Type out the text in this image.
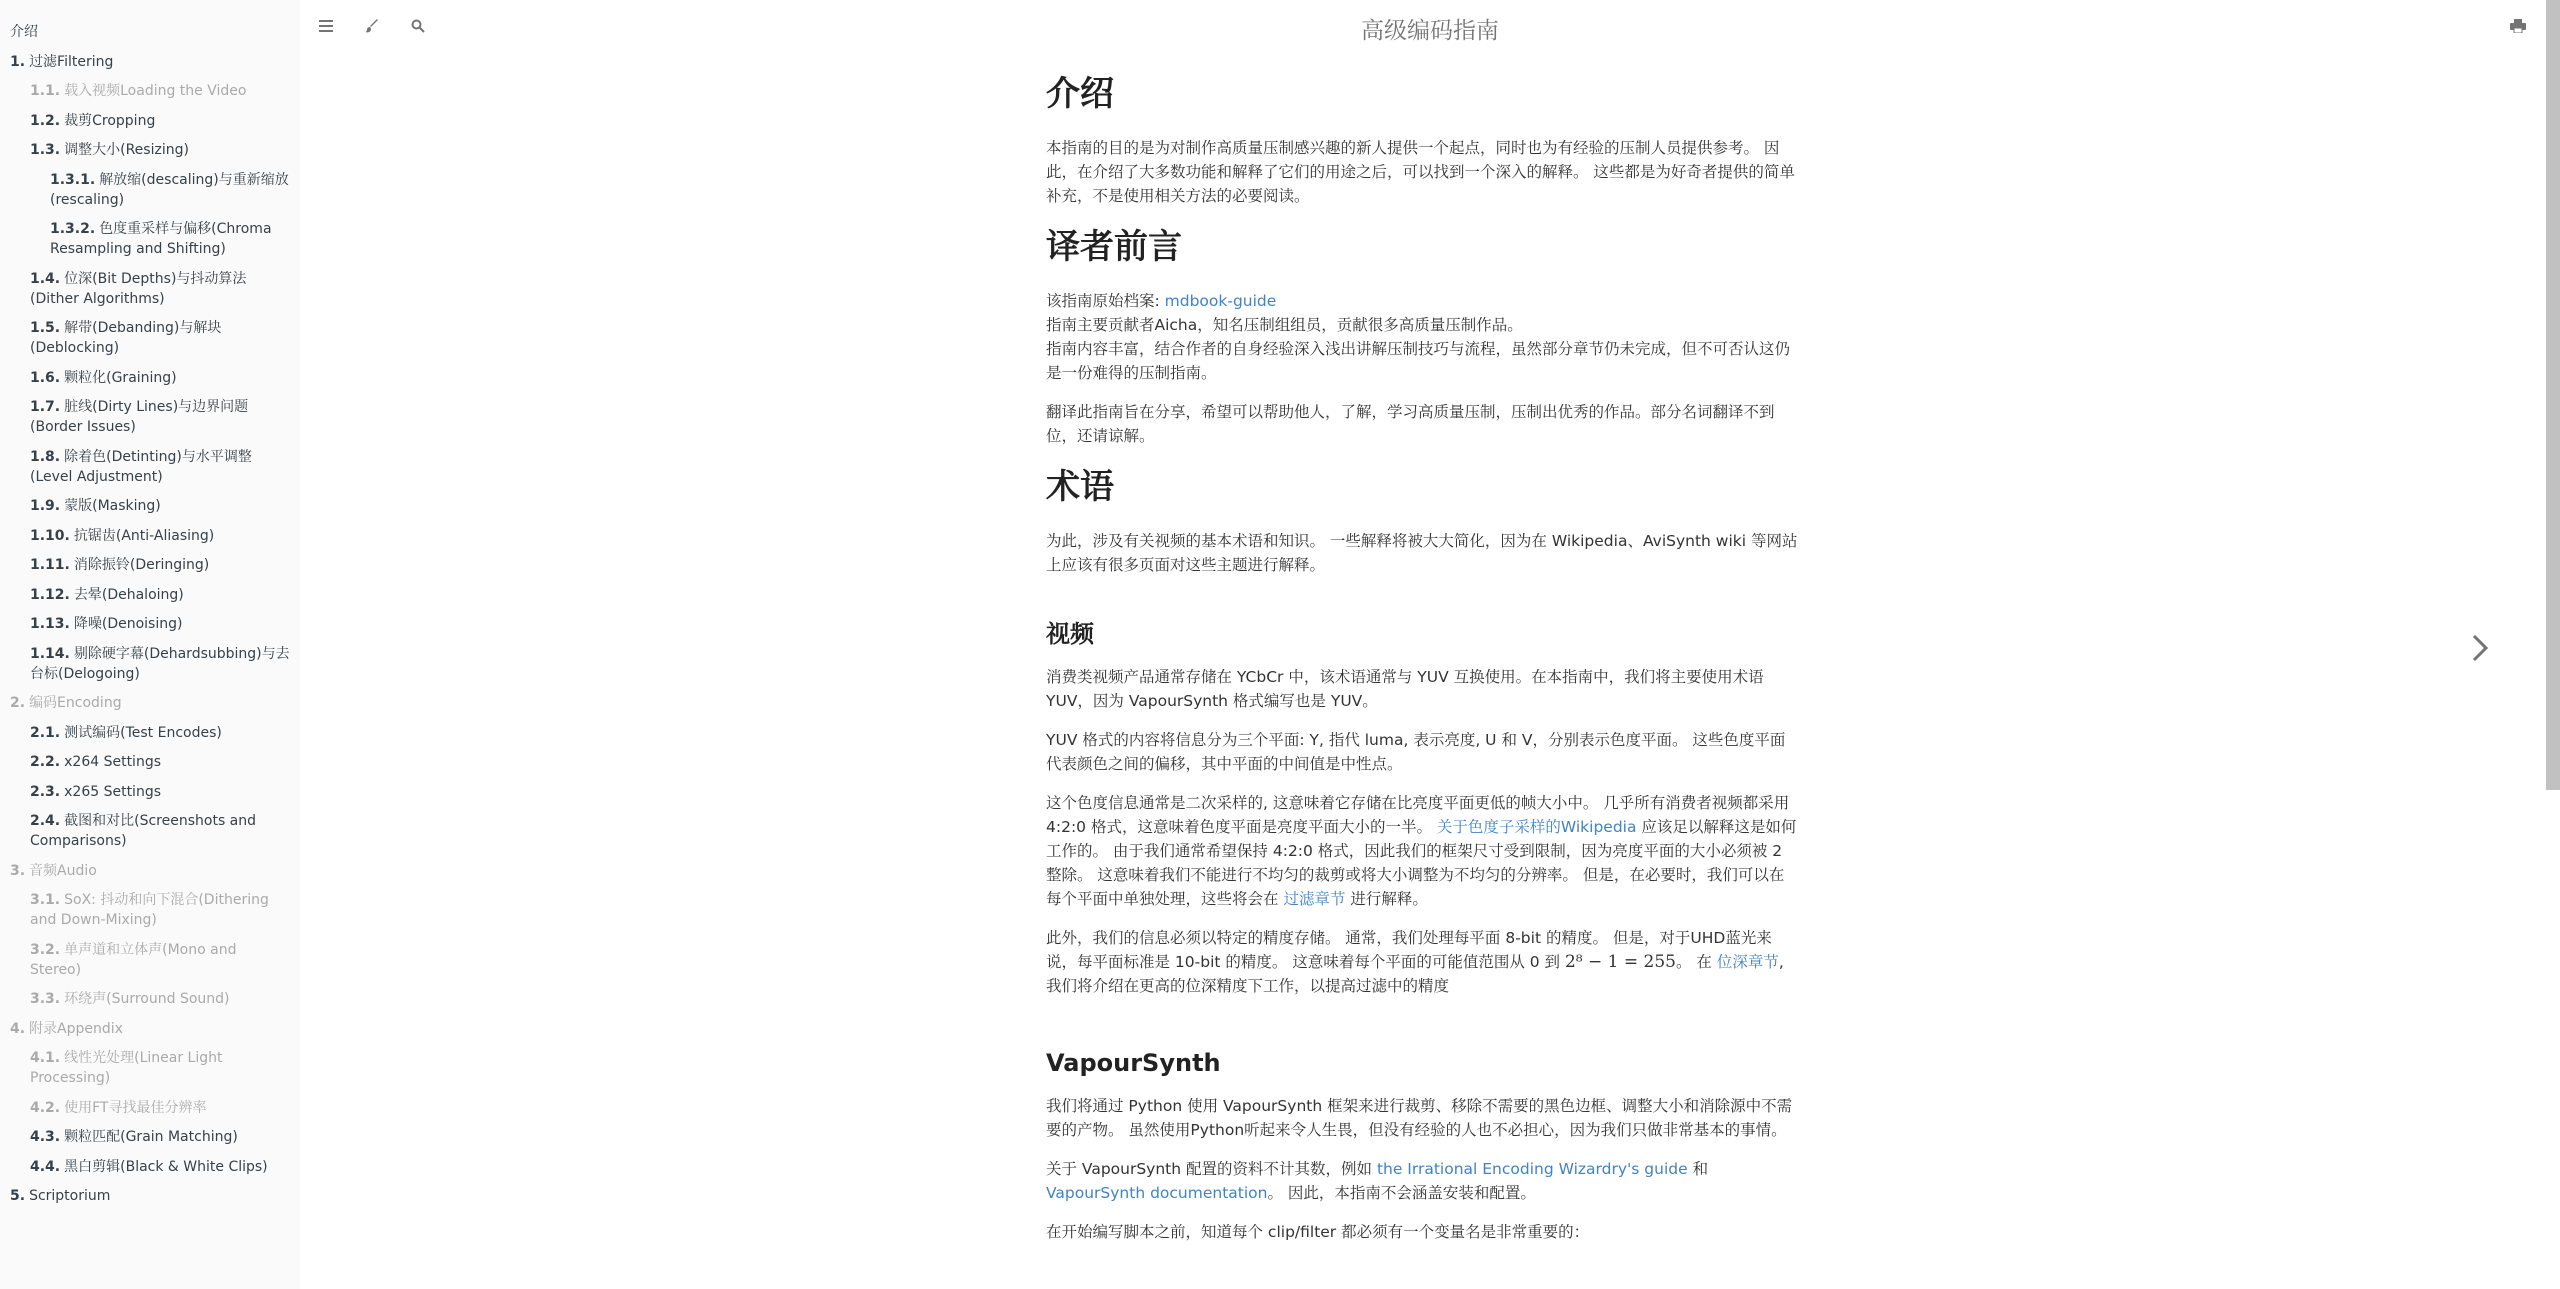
介绍
1. 过滤Filtering
1.1. 载入视频Loading the Video
1.2. 裁剪Cropping
1.3. 调整大小(Resizing)
1.3.1. 解放缩(descaling)与重新缩放(rescaling)
1.3.2. 色度重采样与偏移(Chroma Resampling and Shifting)
1.4. 位深(Bit Depths)与抖动算法(Dither Algorithms)
1.5. 解带(Debanding)与解块(Deblocking)
1.6. 颗粒化(Graining)
1.7. 脏线(Dirty Lines)与边界问题(Border Issues)
1.8. 除着色(Detinting)与水平调整(Level Adjustment)
1.9. 蒙版(Masking)
1.10. 抗锯齿(Anti-Aliasing)
1.11. 消除振铃(Deringing)
1.12. 去晕(Dehaloing)
1.13. 降噪(Denoising)
1.14. 剔除硬字幕(Dehardsubbing)与去台标(Delogoing)
2. 编码Encoding
2.1. 测试编码(Test Encodes)
2.2. x264 Settings
2.3. x265 Settings
2.4. 截图和对比(Screenshots and Comparisons)
3. 音频Audio
3.1. SoX: 抖动和向下混合(Dithering and Down-Mixing)
3.2. 单声道和立体声(Mono and Stereo)
3.3. 环绕声(Surround Sound)
4. 附录Appendix
4.1. 线性光处理(Linear Light Processing)
4.2. 使用FT寻找最佳分辨率
4.3. 颗粒匹配(Grain Matching)
4.4. 黑白剪辑(Black & White Clips)
5. Scriptorium
高级编码指南
介绍

本指南的目的是为对制作高质量压制感兴趣的新人提供一个起点，同时也为有经验的压制人员提供参考。 因此，在介绍了大多数功能和解释了它们的用途之后，可以找到一个深入的解释。 这些都是为好奇者提供的简单补充，不是使用相关方法的必要阅读。

译者前言

该指南原始档案: mdbook-guide
指南主要贡献者Aicha，知名压制组组员，贡献很多高质量压制作品。
指南内容丰富，结合作者的自身经验深入浅出讲解压制技巧与流程，虽然部分章节仍未完成，但不可否认这仍是一份难得的压制指南。

翻译此指南旨在分享，希望可以帮助他人，了解，学习高质量压制，压制出优秀的作品。部分名词翻译不到位，还请谅解。

术语

为此，涉及有关视频的基本术语和知识。 一些解释将被大大简化，因为在 Wikipedia、AviSynth wiki 等网站上应该有很多页面对这些主题进行解释。

视频

消费类视频产品通常存储在 YCbCr 中，该术语通常与 YUV 互换使用。在本指南中，我们将主要使用术语 YUV，因为 VapourSynth 格式编写也是 YUV。

YUV 格式的内容将信息分为三个平面: Y, 指代 luma, 表示亮度, U 和 V，分别表示色度平面。 这些色度平面代表颜色之间的偏移，其中平面的中间值是中性点。

这个色度信息通常是二次采样的, 这意味着它存储在比亮度平面更低的帧大小中。 几乎所有消费者视频都采用 4:2:0 格式，这意味着色度平面是亮度平面大小的一半。 关于色度子采样的Wikipedia 应该足以解释这是如何工作的。 由于我们通常希望保持 4:2:0 格式，因此我们的框架尺寸受到限制，因为亮度平面的大小必须被 2 整除。 这意味着我们不能进行不均匀的裁剪或将大小调整为不均匀的分辨率。 但是，在必要时，我们可以在每个平面中单独处理，这些将会在 过滤章节 进行解释。

此外，我们的信息必须以特定的精度存储。 通常，我们处理每平面 8-bit 的精度。 但是，对于UHD蓝光来说，每平面标准是 10-bit 的精度。 这意味着每个平面的可能值范围从 0 到 2⁸ − 1 = 255。 在 位深章节, 我们将介绍在更高的位深精度下工作，以提高过滤中的精度

VapourSynth

我们将通过 Python 使用 VapourSynth 框架来进行裁剪、移除不需要的黑色边框、调整大小和消除源中不需要的产物。 虽然使用Python听起来令人生畏，但没有经验的人也不必担心，因为我们只做非常基本的事情。

关于 VapourSynth 配置的资料不计其数，例如 the Irrational Encoding Wizardry's guide 和
VapourSynth documentation。 因此，本指南不会涵盖安装和配置。

在开始编写脚本之前，知道每个 clip/filter 都必须有一个变量名是非常重要的：
